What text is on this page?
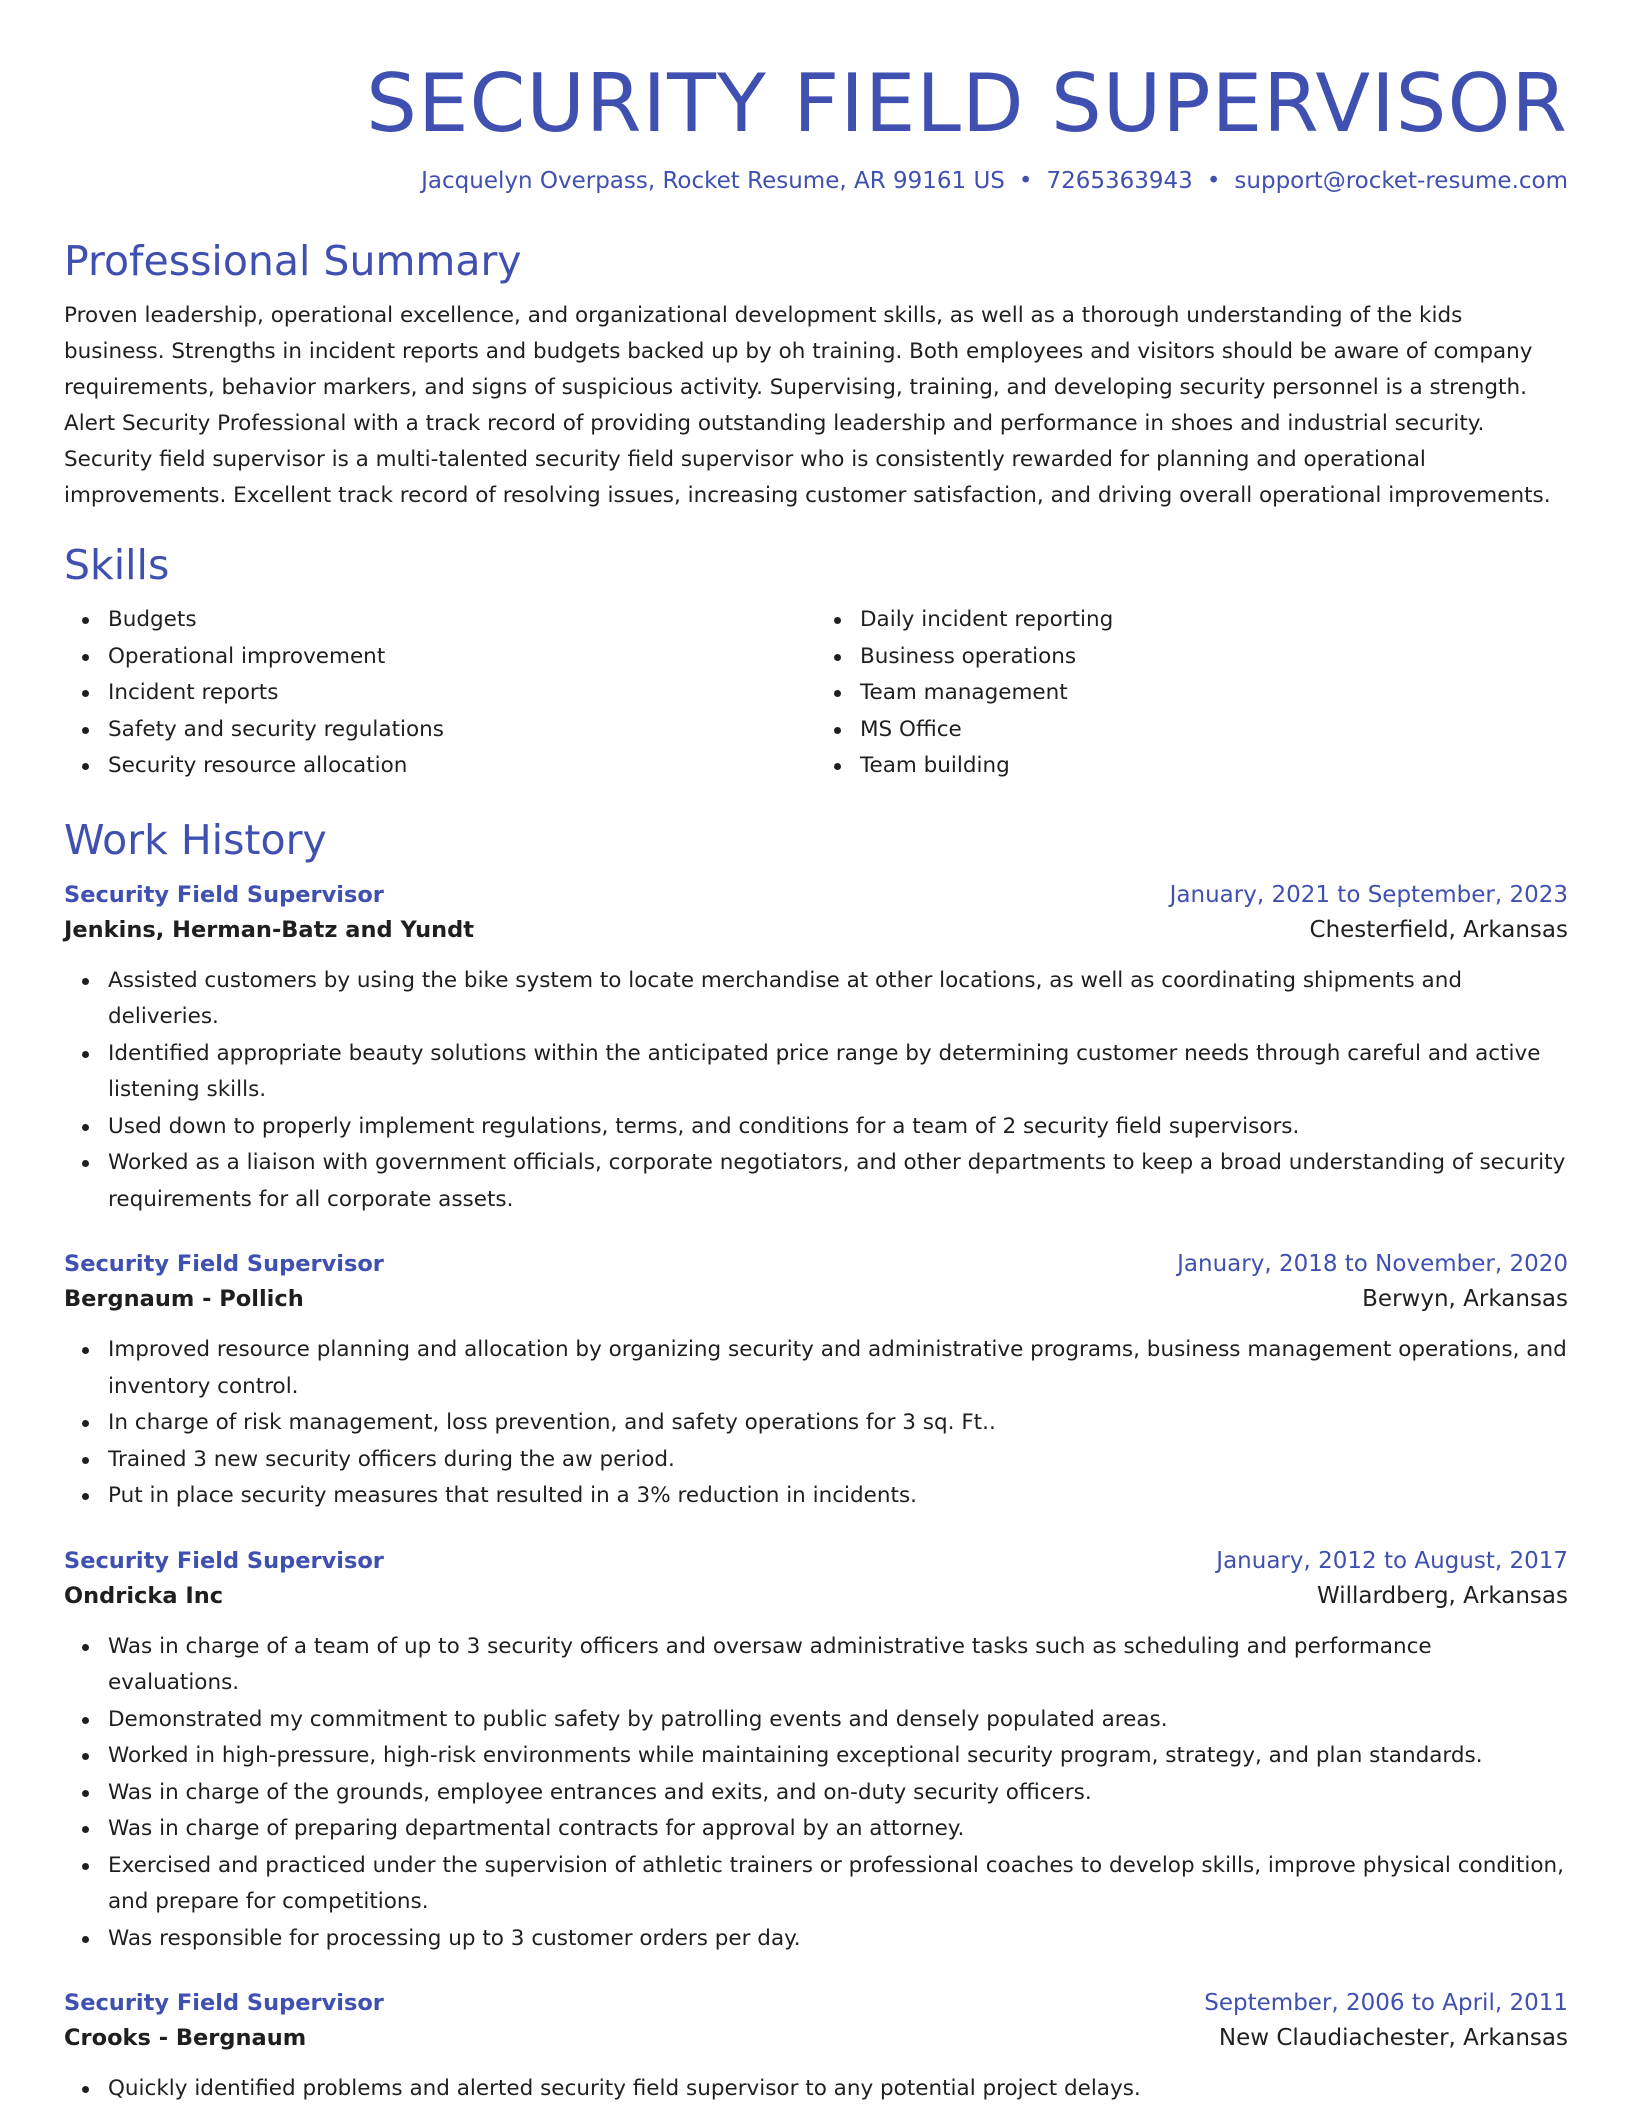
SECURITY FIELD SUPERVISOR
Jacquelyn Overpass, Rocket Resume, AR 99161 US • 7265363943 • support@rocket-resume.com
Professional Summary

Proven leadership, operational excellence, and organizational development skills, as well as a thorough understanding of the kids business. Strengths in incident reports and budgets backed up by oh training. Both employees and visitors should be aware of company requirements, behavior markers, and signs of suspicious activity. Supervising, training, and developing security personnel is a strength. Alert Security Professional with a track record of providing outstanding leadership and performance in shoes and industrial security. Security field supervisor is a multi-talented security field supervisor who is consistently rewarded for planning and operational improvements. Excellent track record of resolving issues, increasing customer satisfaction, and driving overall operational improvements.

Skills
Budgets
Operational improvement
Incident reports
Safety and security regulations
Security resource allocation
Daily incident reporting
Business operations
Team management
MS Office
Team building
Work History
Security Field Supervisor	January, 2021 to September, 2023
Jenkins, Herman-Batz and Yundt	Chesterfield, Arkansas
Assisted customers by using the bike system to locate merchandise at other locations, as well as coordinating shipments and deliveries.
Identified appropriate beauty solutions within the anticipated price range by determining customer needs through careful and active listening skills.
Used down to properly implement regulations, terms, and conditions for a team of 2 security field supervisors.
Worked as a liaison with government officials, corporate negotiators, and other departments to keep a broad understanding of security requirements for all corporate assets.
Security Field Supervisor	January, 2018 to November, 2020
Bergnaum - Pollich	Berwyn, Arkansas
Improved resource planning and allocation by organizing security and administrative programs, business management operations, and inventory control.
In charge of risk management, loss prevention, and safety operations for 3 sq. Ft..
Trained 3 new security officers during the aw period.
Put in place security measures that resulted in a 3% reduction in incidents.
Security Field Supervisor	January, 2012 to August, 2017
Ondricka Inc	Willardberg, Arkansas
Was in charge of a team of up to 3 security officers and oversaw administrative tasks such as scheduling and performance evaluations.
Demonstrated my commitment to public safety by patrolling events and densely populated areas.
Worked in high-pressure, high-risk environments while maintaining exceptional security program, strategy, and plan standards.
Was in charge of the grounds, employee entrances and exits, and on-duty security officers.
Was in charge of preparing departmental contracts for approval by an attorney.
Exercised and practiced under the supervision of athletic trainers or professional coaches to develop skills, improve physical condition, and prepare for competitions.
Was responsible for processing up to 3 customer orders per day.
Security Field Supervisor	September, 2006 to April, 2011
Crooks - Bergnaum	New Claudiachester, Arkansas
Quickly identified problems and alerted security field supervisor to any potential project delays.
